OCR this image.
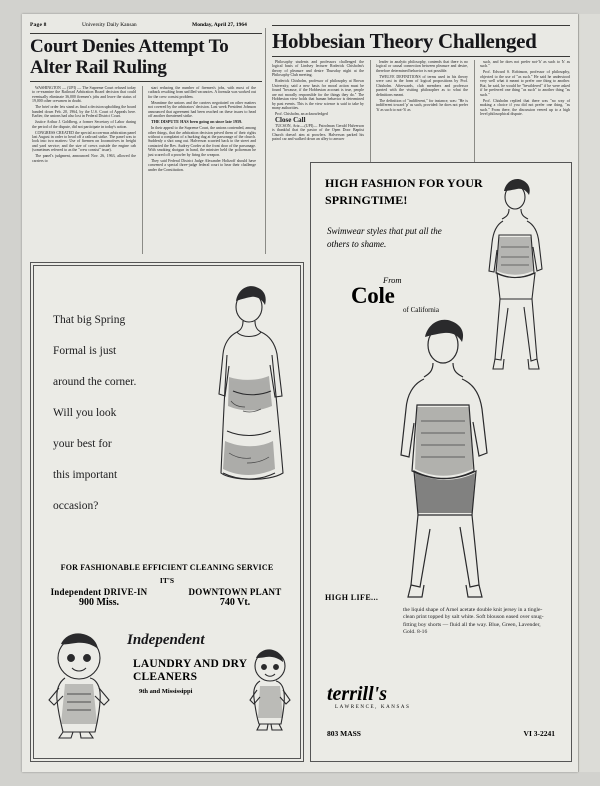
Page 8	University Daily Kansan	Monday, April 27, 1964
Court Denies Attempt To Alter Rail Ruling
Hobbesian Theory Challenged

WASHINGTON — (UPI) — The Supreme Court refused today to re-examine the Railroad Arbitration Board decision that could eventually eliminate 36,000 firemen's jobs and leave the status of 19,000 other crewmen in doubt.

The brief order lets stand as final a decision upholding the board handed down Feb. 20, 1964, by the U.S. Court of Appeals here. Earlier, the unions had also lost in Federal District Court.

Justice Arthur J. Goldberg, a former Secretary of Labor during the period of the dispute, did not participate in today's action.

CONGRESS CREATED the special accon-mas arbitration panel last August in order to head off a railroad strike. The panel was to look into two matters: Use of firemen on locomotives in freight and yard service; and the size of crews outside the engine cab (sometimes referred to as the "crew consist" issue).

The panel's judgment, announced Nov. 26, 1963, allowed the carriers to

start reducing the number of firemen's jobs, with most of the cutback resulting from unfilled vacancies. A formula was worked out for the crew consist problem.

Meantime the unions and the carriers negotiated on other matters not covered by the arbitrators' decision. Last week President Johnson announced that agreement had been reached on these issues to head off another threatened strike.

THE DISPUTE HAS been going on since late 1959.

In their appeal to the Supreme Court, the unions contended, among other things, that the arbitration decision prived them of their rights without a complaint of a hurking dug at the parsonage of the church. Suddenly a shot rang out. Halverson scurried back to the street and contacted the Rev. Audrey Corder at the front door of the parsonage. With smoking shotgun in hand, the minister held the policeman he just scared off a prowler by firing the weapon.

They said Federal District Judge Alexander Holtzoff should have convened a special three-judge federal court to hear their challenge under the Constitution.

Philosophy students and professors challenged the logical basis of Lindsey lecturer Roderick Chisholm's theory of pleasure and desire Thursday night at the Philosophy Club meeting.

Roderick Chisholm, professor of philosophy at Brown University, said a new basis for moral action must be found "because, if the Hobbesian account is true, people are not morally responsible for the things they do." The Hobbesian view holds that human behavior is determined by past events. This is the view science is said to take by many authorities.

Prof. Chisholm, an acknowledged

Close Call

TUCSON, Ariz.—(UPI)— Patrolman Gerald Halverson is thankful that the pastor of the Open Door Baptist Church doesn't aim at prowlers. Halverson parked his patrol car and walked down an alley to answer

leader in analytic philosophy, contends that there is no logical or causal connection between pleasure and desire, therefore determined behavior is not possible.

TWELVE DEFINITIONS of terms used in his theory were cast in the form of logical propositions by Prof. Chisholm. Afterwards, club members and professor parried with the visiting philosopher as to what the definitions meant.

The definition of "indifferent," for instance, was: "He is indifferent toward 'p' as such, provided: he does not prefer 'h' as such to not-'h' as

such, and he does not prefer not-'h' as such to 'h' as such."

Prof. Edward S. Robinson, professor of philosophy, objected to the use of "as such." He said he understood very well what it meant to prefer one thing to another. But, he said, he would be "bewildered" if he were asked if he preferred one thing "as such" to another thing "as such."

Prof. Chisholm replied that there was "no way of making a choice if you did not prefer one thing, "as such." From there, the discussion veered up to a high level philosophical dispute.

That big Spring
Formal is just
around the corner.
Will you look
your best for
this important
occasion?
FOR FASHIONABLE EFFICIENT CLEANING SERVICE
IT'S
Independent DRIVE-IN
900 Miss.
DOWNTOWN PLANT
740 Vt.
Independent
LAUNDRY AND DRY CLEANERS
9th and Mississippi
HIGH FASHION FOR YOUR SPRINGTIME!
Swimwear styles that put all the others to shame.
From
Cole
of California
HIGH LIFE...
the liquid shape of Arnel acetate double knit jersey in a tingle-clean print topped by salt white. Soft blouson eased over snug-fitting boy shorts — fluid all the way. Blue, Green, Lavender, Gold. 8-16
terrill's
LAWRENCE, KANSAS
803 MASS	VI 3-2241
